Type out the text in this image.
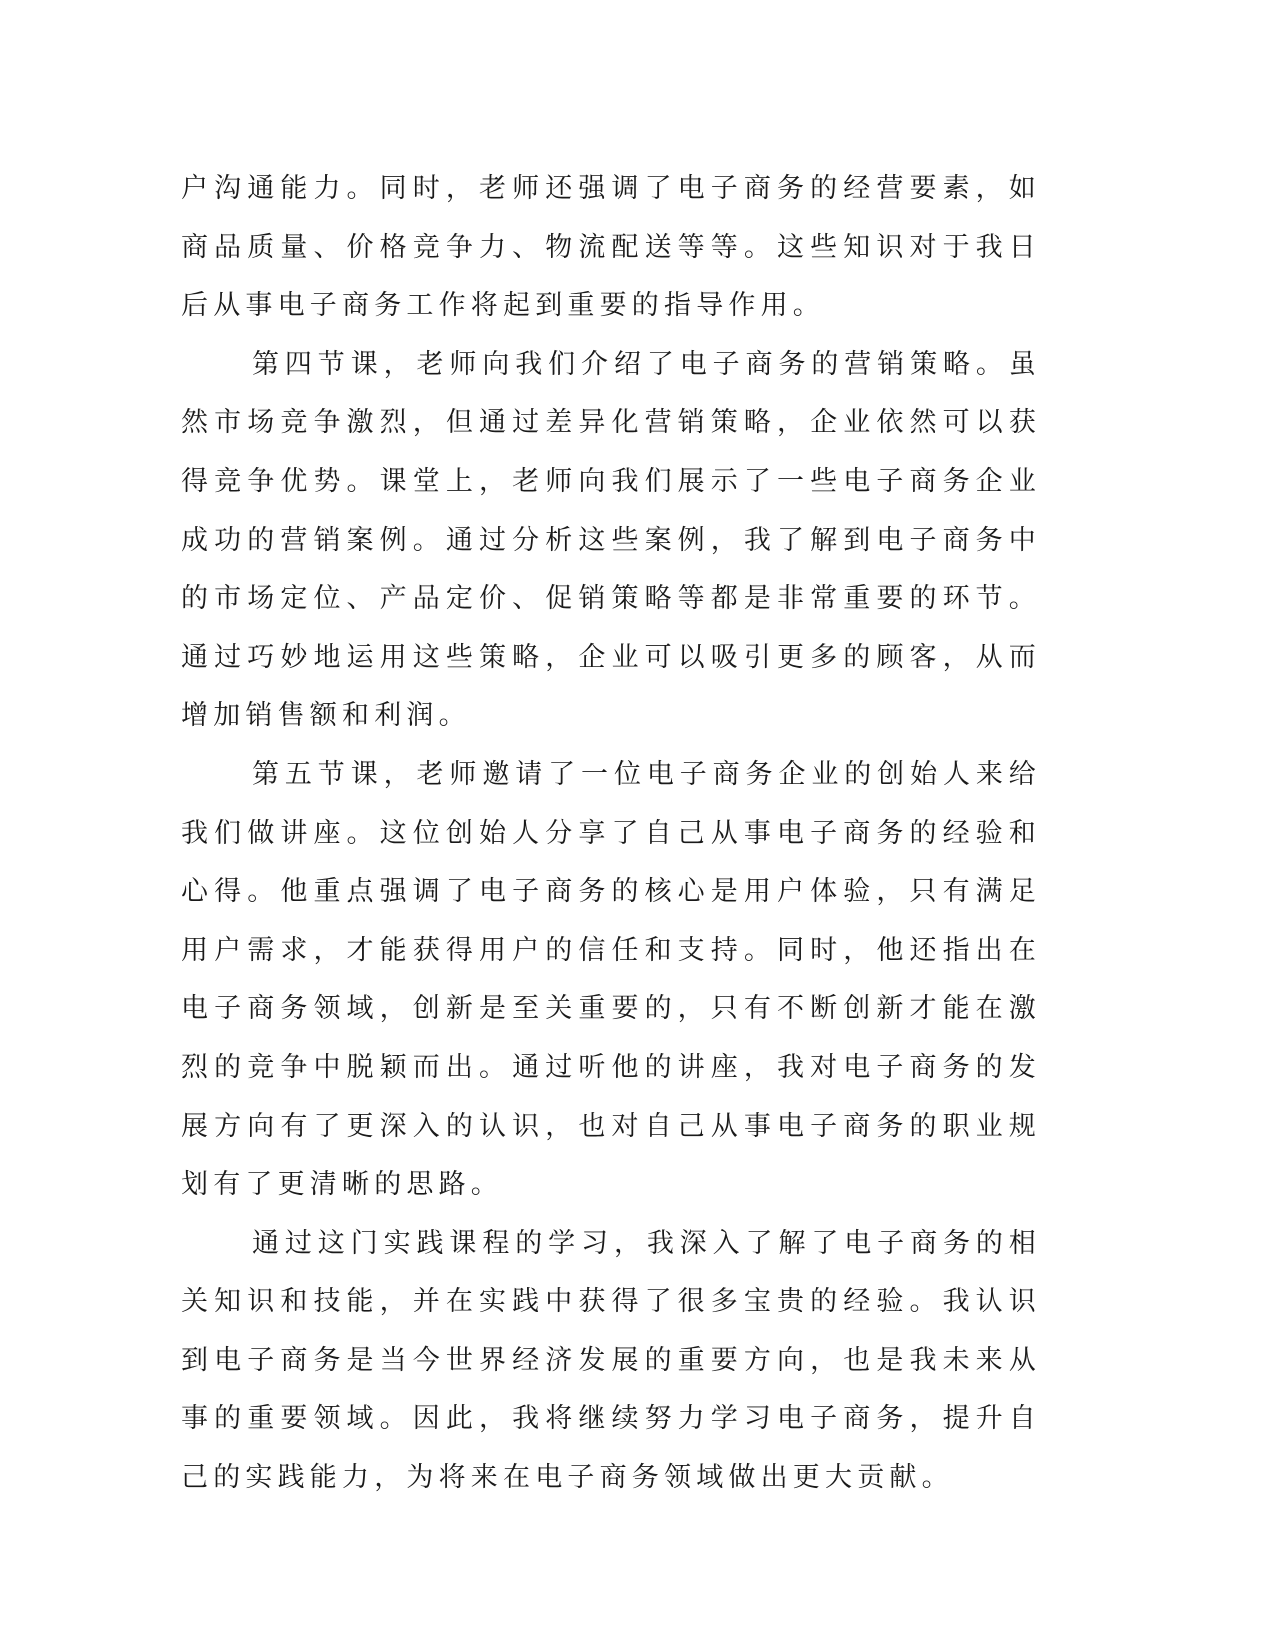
户沟通能力。同时，老师还强调了电子商务的经营要素，如商品质量、价格竞争力、物流配送等等。这些知识对于我日后从事电子商务工作将起到重要的指导作用。

第四节课，老师向我们介绍了电子商务的营销策略。虽然市场竞争激烈，但通过差异化营销策略，企业依然可以获得竞争优势。课堂上，老师向我们展示了一些电子商务企业成功的营销案例。通过分析这些案例，我了解到电子商务中的市场定位、产品定价、促销策略等都是非常重要的环节。通过巧妙地运用这些策略，企业可以吸引更多的顾客，从而增加销售额和利润。

第五节课，老师邀请了一位电子商务企业的创始人来给我们做讲座。这位创始人分享了自己从事电子商务的经验和心得。他重点强调了电子商务的核心是用户体验，只有满足用户需求，才能获得用户的信任和支持。同时，他还指出在电子商务领域，创新是至关重要的，只有不断创新才能在激烈的竞争中脱颖而出。通过听他的讲座，我对电子商务的发展方向有了更深入的认识，也对自己从事电子商务的职业规划有了更清晰的思路。

通过这门实践课程的学习，我深入了解了电子商务的相关知识和技能，并在实践中获得了很多宝贵的经验。我认识到电子商务是当今世界经济发展的重要方向，也是我未来从事的重要领域。因此，我将继续努力学习电子商务，提升自己的实践能力，为将来在电子商务领域做出更大贡献。
